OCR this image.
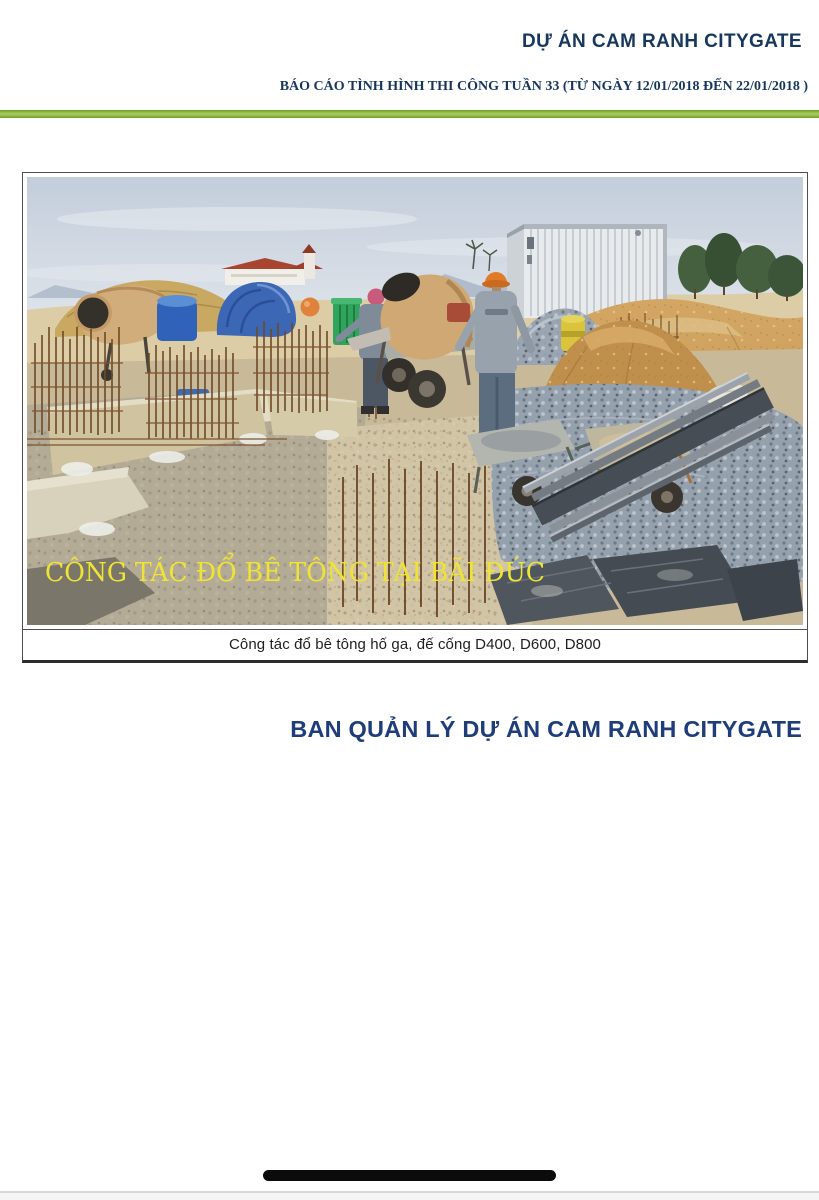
DỰ ÁN CAM RANH CITYGATE
BÁO CÁO TÌNH HÌNH THI CÔNG TUẦN 33 (TỪ NGÀY 12/01/2018 ĐẾN 22/01/2018 )
CÔNG TÁC ĐỔ BÊ TÔNG TẠI BÃI ĐÚC
Công tác đổ bê tông hố ga, đế cống D400, D600, D800
BAN QUẢN LÝ DỰ ÁN CAM RANH CITYGATE
